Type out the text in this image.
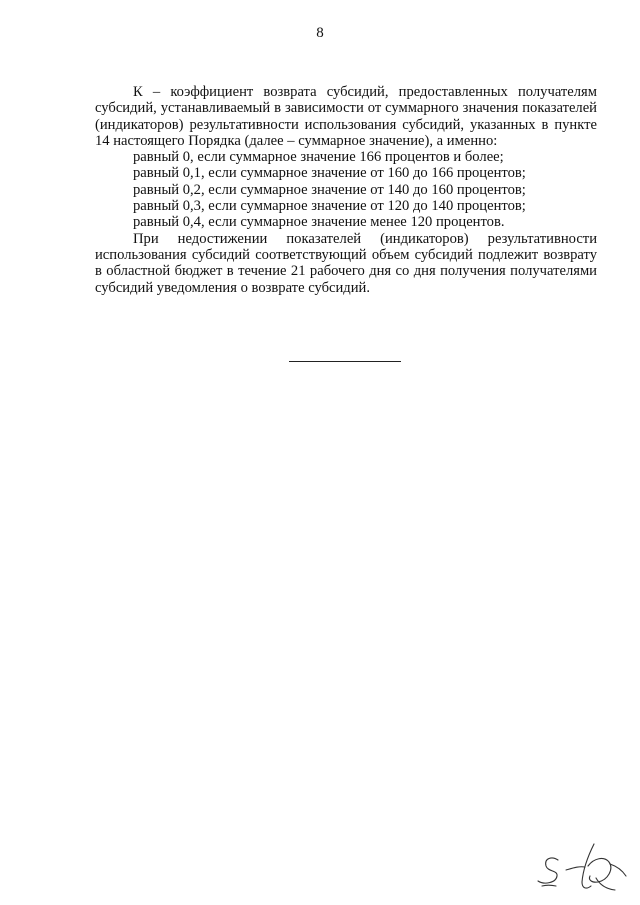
8

К – коэффициент возврата субсидий, предоставленных получателям субсидий, устанавливаемый в зависимости от суммарного значения показателей (индикаторов) результативности использования субсидий, указанных в пункте 14 настоящего Порядка (далее – суммарное значение), а именно:

равный 0, если суммарное значение 166 процентов и более;

равный 0,1, если суммарное значение от 160 до 166 процентов;

равный 0,2, если суммарное значение от 140 до 160 процентов;

равный 0,3, если суммарное значение от 120 до 140 процентов;

равный 0,4, если суммарное значение менее 120 процентов.

При недостижении показателей (индикаторов) результативности использования субсидий соответствующий объем субсидий подлежит возврату в областной бюджет в течение 21 рабочего дня со дня получения получателями субсидий уведомления о возврате субсидий.
